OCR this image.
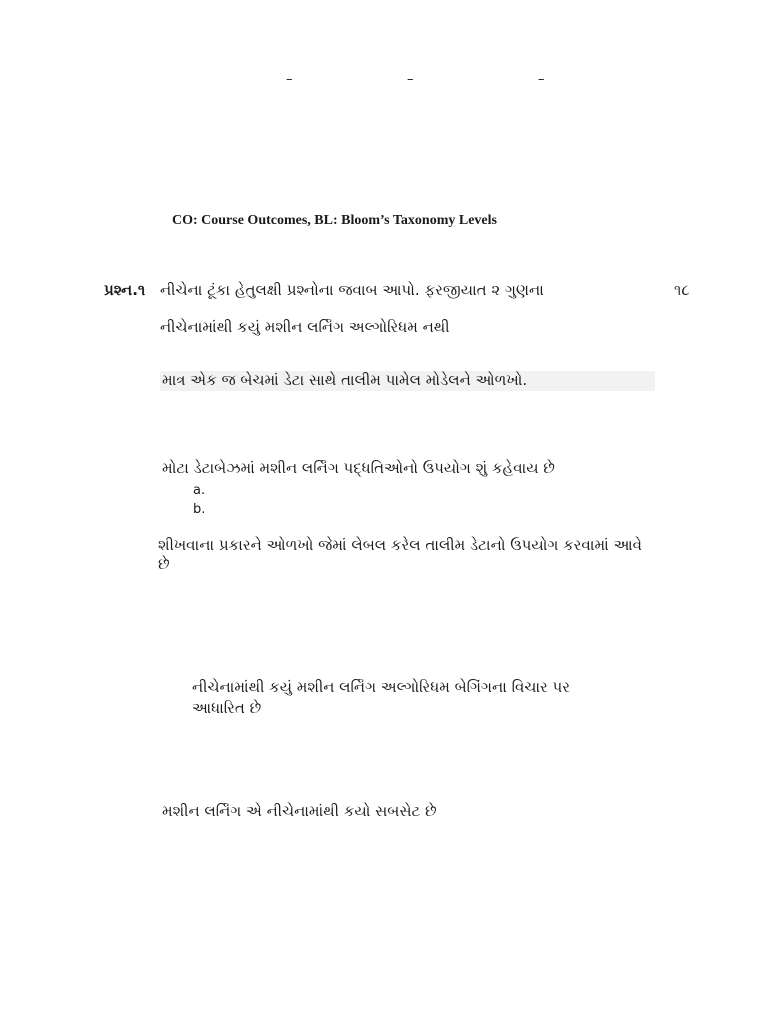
–	–	–
CO: Course Outcomes, BL: Bloom’s Taxonomy Levels
પ્રશ્ન.૧ નીચેના ટૂંકા હેતુલક્ષી પ્રશ્નોના જવાબ આપો. ફરજીયાત ૨ ગુણના	૧૮
નીચેનામાંથી કયું મશીન લર્નિંગ અલ્ગોરિધમ નથી
માત્ર એક જ બેચમાં ડેટા સાથે તાલીમ પામેલ મોડેલને ઓળખો.
મોટા ડેટાબેઝમાં મશીન લર્નિંગ પદ્ધતિઓનો ઉપયોગ શું કહેવાય છે
a.
b.
શીખવાના પ્રકારને ઓળખો જેમાં લેબલ કરેલ તાલીમ ડેટાનો ઉપયોગ કરવામાં આવે છે
નીચેનામાંથી કયું મશીન લર્નિંગ અલ્ગોરિધમ બેગિંગના વિચાર પર આધારિત છે
મશીન લર્નિંગ એ નીચેનામાંથી કયો સબસેટ છે
